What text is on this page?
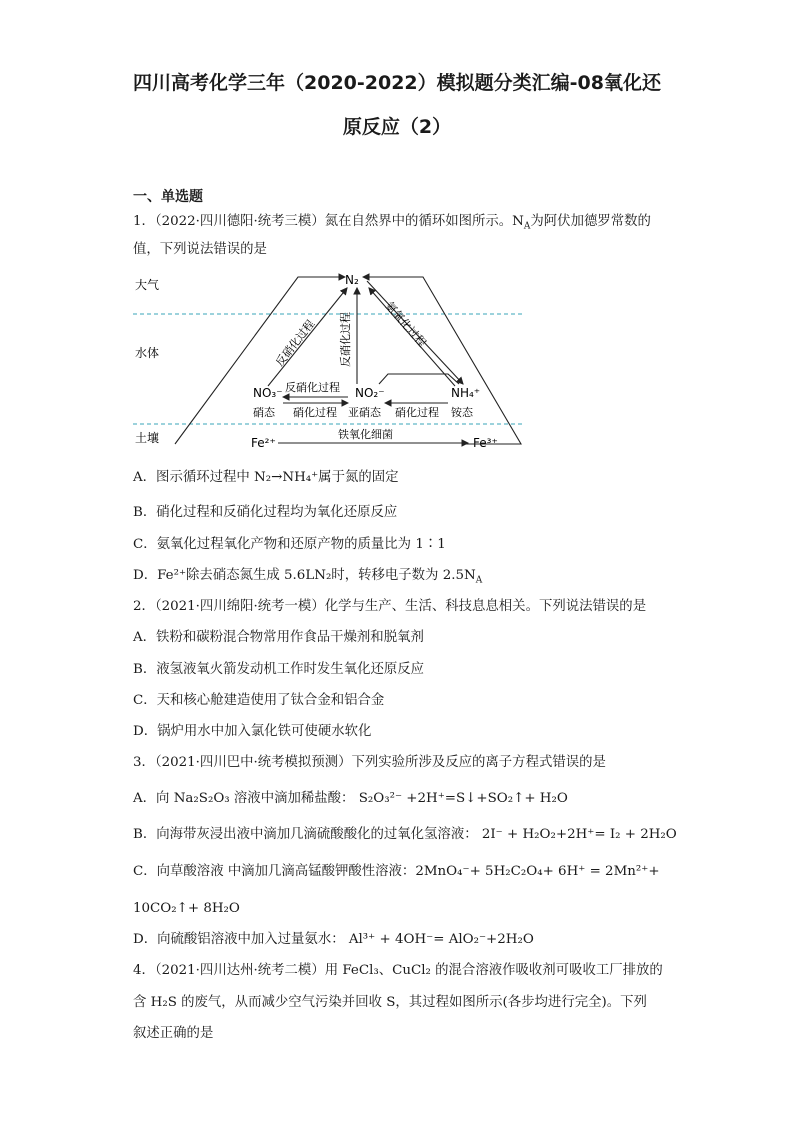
四川高考化学三年（2020-2022）模拟题分类汇编-08氧化还
原反应（2）
一、单选题
1．（2022·四川德阳·统考三模）氮在自然界中的循环如图所示。$N_A$为阿伏加德罗常数的
值，下列说法错误的是
大气
水体
土壤
N₂
NO₃⁻	NO₂⁻	NH₄⁺
硝态	亚硝态	铵态
Fe²⁺	Fe³⁺
反硝化过程 反硝化过程	氨氧化过程
反硝化过程
硝化过程	硝化过程
铁氧化细菌
A．图示循环过程中 N₂→NH₄⁺属于氮的固定
B．硝化过程和反硝化过程均为氧化还原反应
C．氨氧化过程氧化产物和还原产物的质量比为 1∶1
D．Fe²⁺除去硝态氮生成 5.6LN₂时，转移电子数为 $2.5N_A$
2．（2021·四川绵阳·统考一模）化学与生产、生活、科技息息相关。下列说法错误的是
A．铁粉和碳粉混合物常用作食品干燥剂和脱氧剂
B．液氢液氧火箭发动机工作时发生氧化还原反应
C．天和核心舱建造使用了钛合金和铝合金
D．锅炉用水中加入氯化铁可使硬水软化
3．（2021·四川巴中·统考模拟预测）下列实验所涉及反应的离子方程式错误的是
A．向 Na₂S₂O₃ 溶液中滴加稀盐酸： S₂O₃²⁻ +2H⁺=S↓+SO₂↑+ H₂O
B．向海带灰浸出液中滴加几滴硫酸酸化的过氧化氢溶液： 2I⁻ + H₂O₂+2H⁺= I₂ + 2H₂O
C．向草酸溶液 中滴加几滴高锰酸钾酸性溶液：2MnO₄⁻+ 5H₂C₂O₄+ 6H⁺ = 2Mn²⁺+
10CO₂↑+ 8H₂O
D．向硫酸铝溶液中加入过量氨水： Al³⁺ + 4OH⁻= AlO₂⁻+2H₂O
4．（2021·四川达州·统考二模）用 FeCl₃、CuCl₂ 的混合溶液作吸收剂可吸收工厂排放的
含 H₂S 的废气，从而减少空气污染并回收 S，其过程如图所示(各步均进行完全)。下列
叙述正确的是
